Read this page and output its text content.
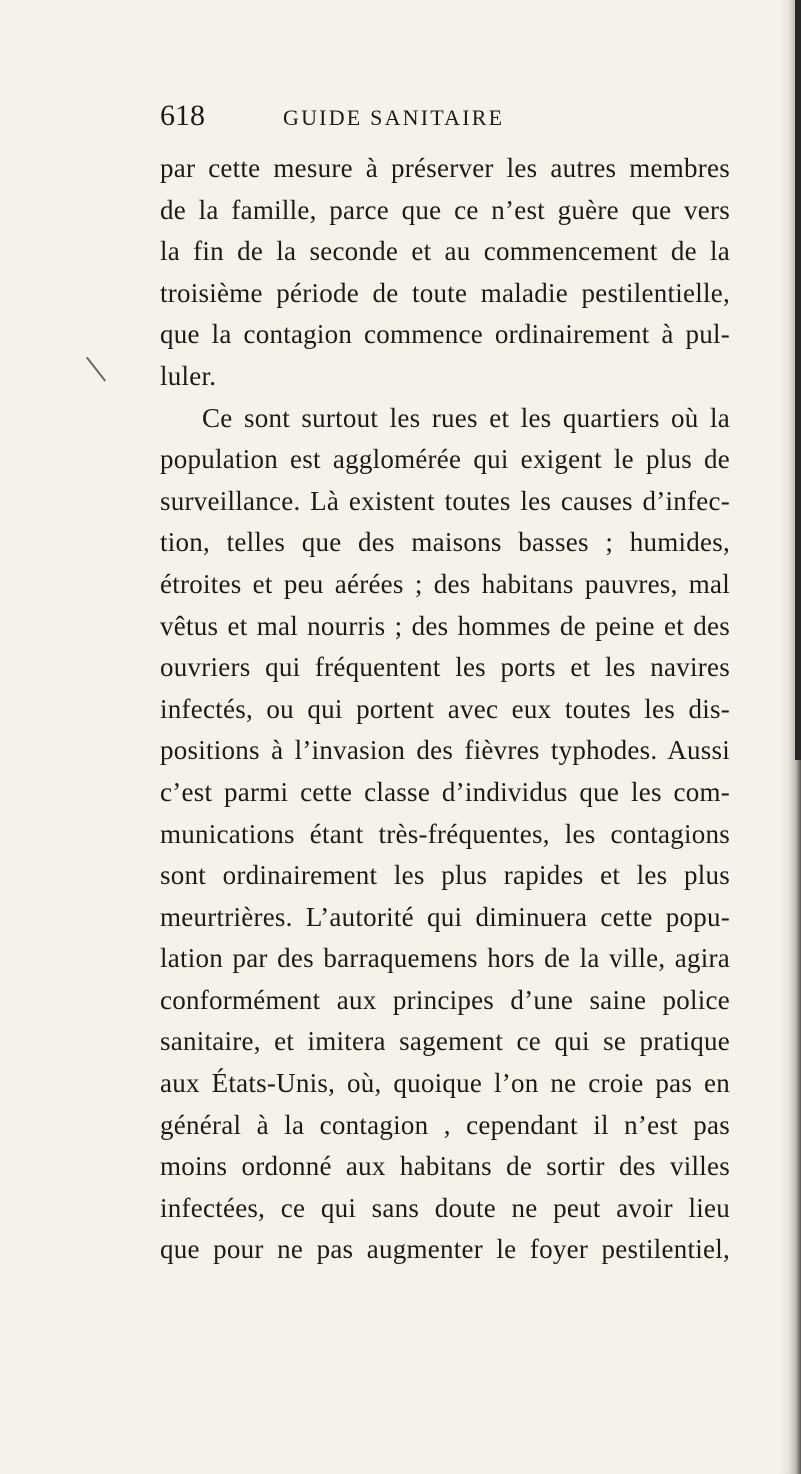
618	GUIDE SANITAIRE
par cette mesure à préserver les autres membres
de la famille, parce que ce n’est guère que vers
la fin de la seconde et au commencement de la
troisième période de toute maladie pestilentielle,
que la contagion commence ordinairement à pul-
luler.
Ce sont surtout les rues et les quartiers où la
population est agglomérée qui exigent le plus de
surveillance. Là existent toutes les causes d’infec-
tion, telles que des maisons basses ; humides,
étroites et peu aérées ; des habitans pauvres, mal
vêtus et mal nourris ; des hommes de peine et des
ouvriers qui fréquentent les ports et les navires
infectés, ou qui portent avec eux toutes les dis-
positions à l’invasion des fièvres typhodes. Aussi
c’est parmi cette classe d’individus que les com-
munications étant très-fréquentes, les contagions
sont ordinairement les plus rapides et les plus
meurtrières. L’autorité qui diminuera cette popu-
lation par des barraquemens hors de la ville, agira
conformément aux principes d’une saine police
sanitaire, et imitera sagement ce qui se pratique
aux États-Unis, où, quoique l’on ne croie pas en
général à la contagion , cependant il n’est pas
moins ordonné aux habitans de sortir des villes
infectées, ce qui sans doute ne peut avoir lieu
que pour ne pas augmenter le foyer pestilentiel,
